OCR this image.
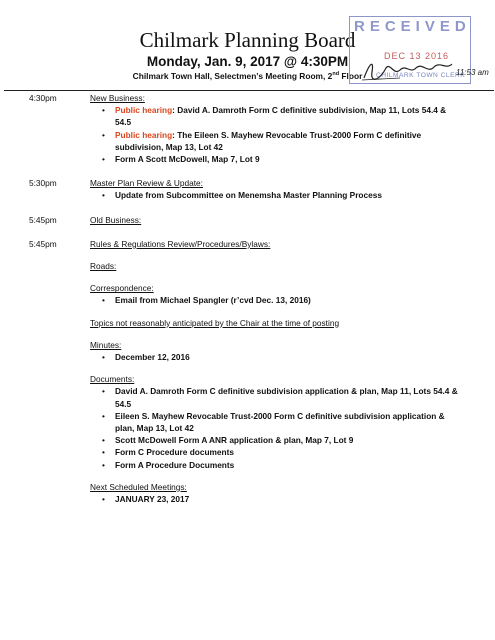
Chilmark Planning Board
Monday, Jan. 9, 2017 @ 4:30PM
Chilmark Town Hall, Selectmen’s Meeting Room, 2nd Floor
RECEIVED
DEC 13 2016
CHILMARK TOWN CLERK
11:53 am
4:30pm	New Business:
• Public hearing: David A. Damroth Form C definitive subdivision, Map 11, Lots 54.4 & 54.5
• Public hearing: The Eileen S. Mayhew Revocable Trust-2000 Form C definitive subdivision, Map 13, Lot 42
• Form A Scott McDowell, Map 7, Lot 9
5:30pm	Master Plan Review & Update:
• Update from Subcommittee on Menemsha Master Planning Process
5:45pm	Old Business:
5:45pm	Rules & Regulations Review/Procedures/Bylaws:
Roads:
Correspondence:
• Email from Michael Spangler (r’cvd Dec. 13, 2016)
Topics not reasonably anticipated by the Chair at the time of posting
Minutes:
• December 12, 2016
Documents:
• David A. Damroth Form C definitive subdivision application & plan, Map 11, Lots 54.4 & 54.5
• Eileen S. Mayhew Revocable Trust-2000 Form C definitive subdivision application & plan, Map 13, Lot 42
• Scott McDowell Form A ANR application & plan, Map 7, Lot 9
• Form C Procedure documents
• Form A Procedure Documents
Next Scheduled Meetings:
• JANUARY 23, 2017
